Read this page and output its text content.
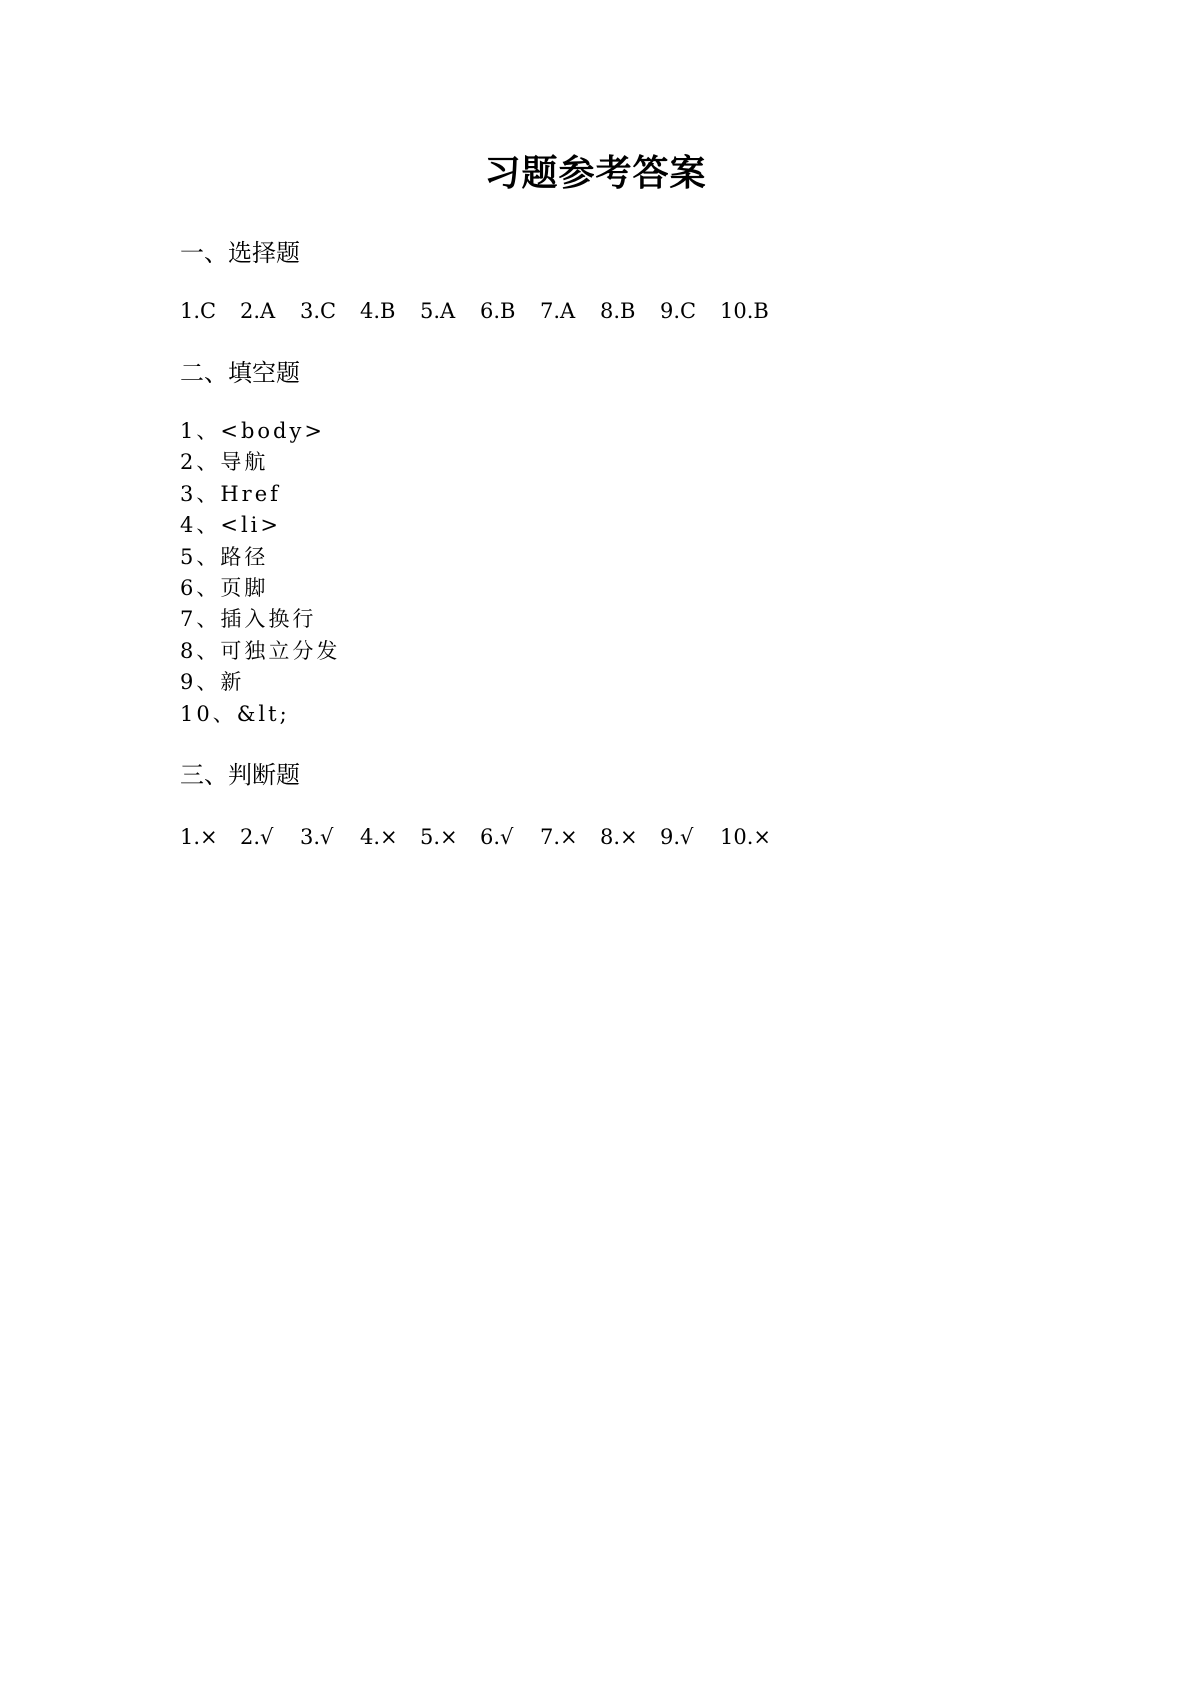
习题参考答案
一、选择题
1.C	2.A	3.C	4.B	5.A	6.B	7.A	8.B	9.C	10.B
二、填空题
1、<body>
2、导航
3、Href
4、<li>
5、路径
6、页脚
7、插入换行
8、可独立分发
9、新
10、&lt;
三、判断题
1.×	2.√	3.√	4.×	5.×	6.√	7.×	8.×	9.√	10.×
